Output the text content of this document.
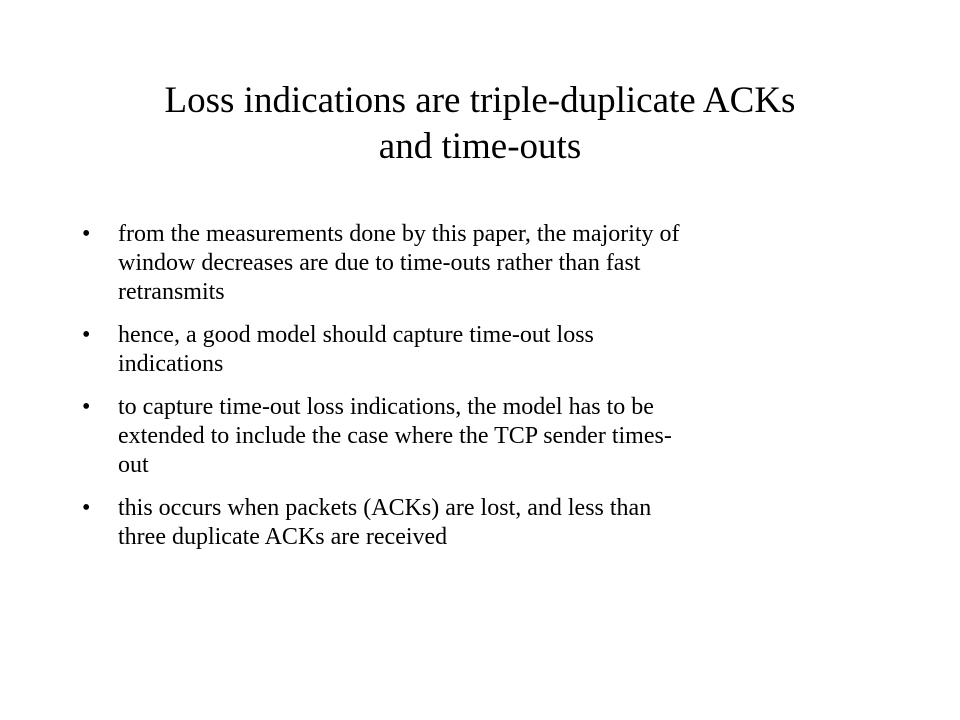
Loss indications are triple-duplicate ACKs
and time-outs
• from the measurements done by this paper, the majority of
window decreases are due to time-outs rather than fast
retransmits
• hence, a good model should capture time-out loss
indications
• to capture time-out loss indications, the model has to be
extended to include the case where the TCP sender times-
out
• this occurs when packets (ACKs) are lost, and less than
three duplicate ACKs are received
